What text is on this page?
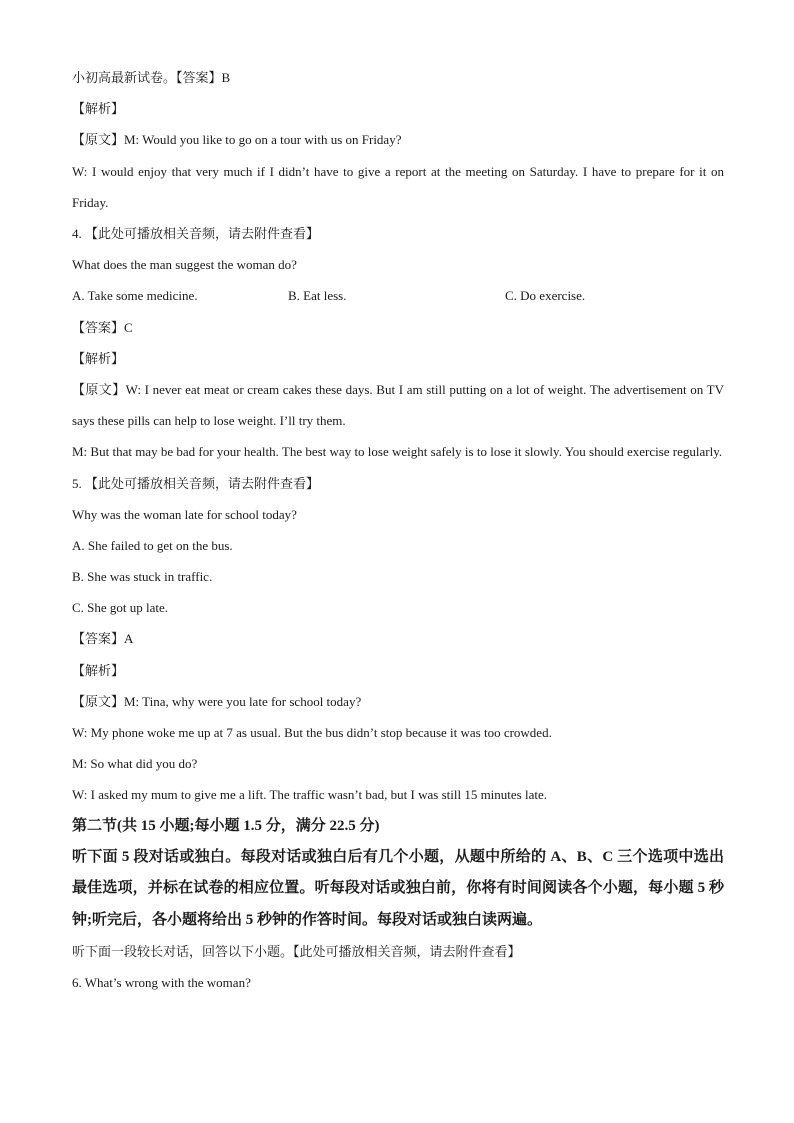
小初高最新试卷。【答案】B
【解析】
【原文】M: Would you like to go on a tour with us on Friday?
W: I would enjoy that very much if I didn’t have to give a report at the meeting on Saturday. I have to prepare for it on Friday.
4. 【此处可播放相关音频，请去附件查看】
What does the man suggest the woman do?
A. Take some medicine.	B. Eat less.	C. Do exercise.
【答案】C
【解析】
【原文】W: I never eat meat or cream cakes these days. But I am still putting on a lot of weight. The advertisement on TV says these pills can help to lose weight. I’ll try them.
M: But that may be bad for your health. The best way to lose weight safely is to lose it slowly. You should exercise regularly.
5. 【此处可播放相关音频，请去附件查看】
Why was the woman late for school today?
A. She failed to get on the bus.
B. She was stuck in traffic.
C. She got up late.
【答案】A
【解析】
【原文】M: Tina, why were you late for school today?
W: My phone woke me up at 7 as usual. But the bus didn’t stop because it was too crowded.
M: So what did you do?
W: I asked my mum to give me a lift. The traffic wasn’t bad, but I was still 15 minutes late.
第二节(共 15 小题;每小题 1.5 分，满分 22.5 分)
听下面 5 段对话或独白。每段对话或独白后有几个小题，从题中所给的 A、B、C 三个选项中选出最佳选项，并标在试卷的相应位置。听每段对话或独白前，你将有时间阅读各个小题，每小题 5 秒钟;听完后，各小题将给出 5 秒钟的作答时间。每段对话或独白读两遍。
听下面一段较长对话，回答以下小题。【此处可播放相关音频，请去附件查看】
6. What’s wrong with the woman?
